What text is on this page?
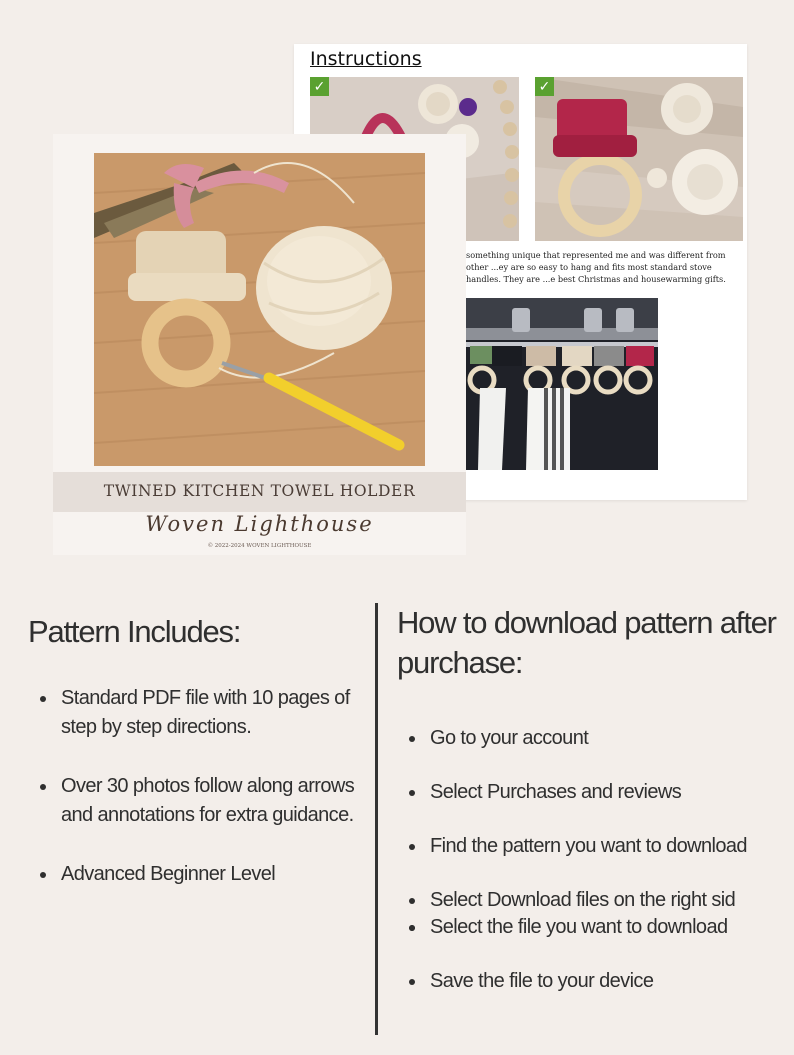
Instructions
✓	✓

something unique that represented me and was different from other ...ey are so easy to hang and fits most standard stove handles. They are ...e best Christmas and housewarming gifts.

TWINED KITCHEN TOWEL HOLDER
Woven Lighthouse
© 2022-2024 WOVEN LIGHTHOUSE
Pattern Includes:
Standard PDF file with 10 pages of step by step directions.
Over 30 photos follow along arrows and annotations for extra guidance.
Advanced Beginner Level
How to download pattern after purchase:
Go to your account
Select Purchases and reviews
Find the pattern you want to download
Select Download files on the right sid
Select the file you want to download
Save the file to your device
